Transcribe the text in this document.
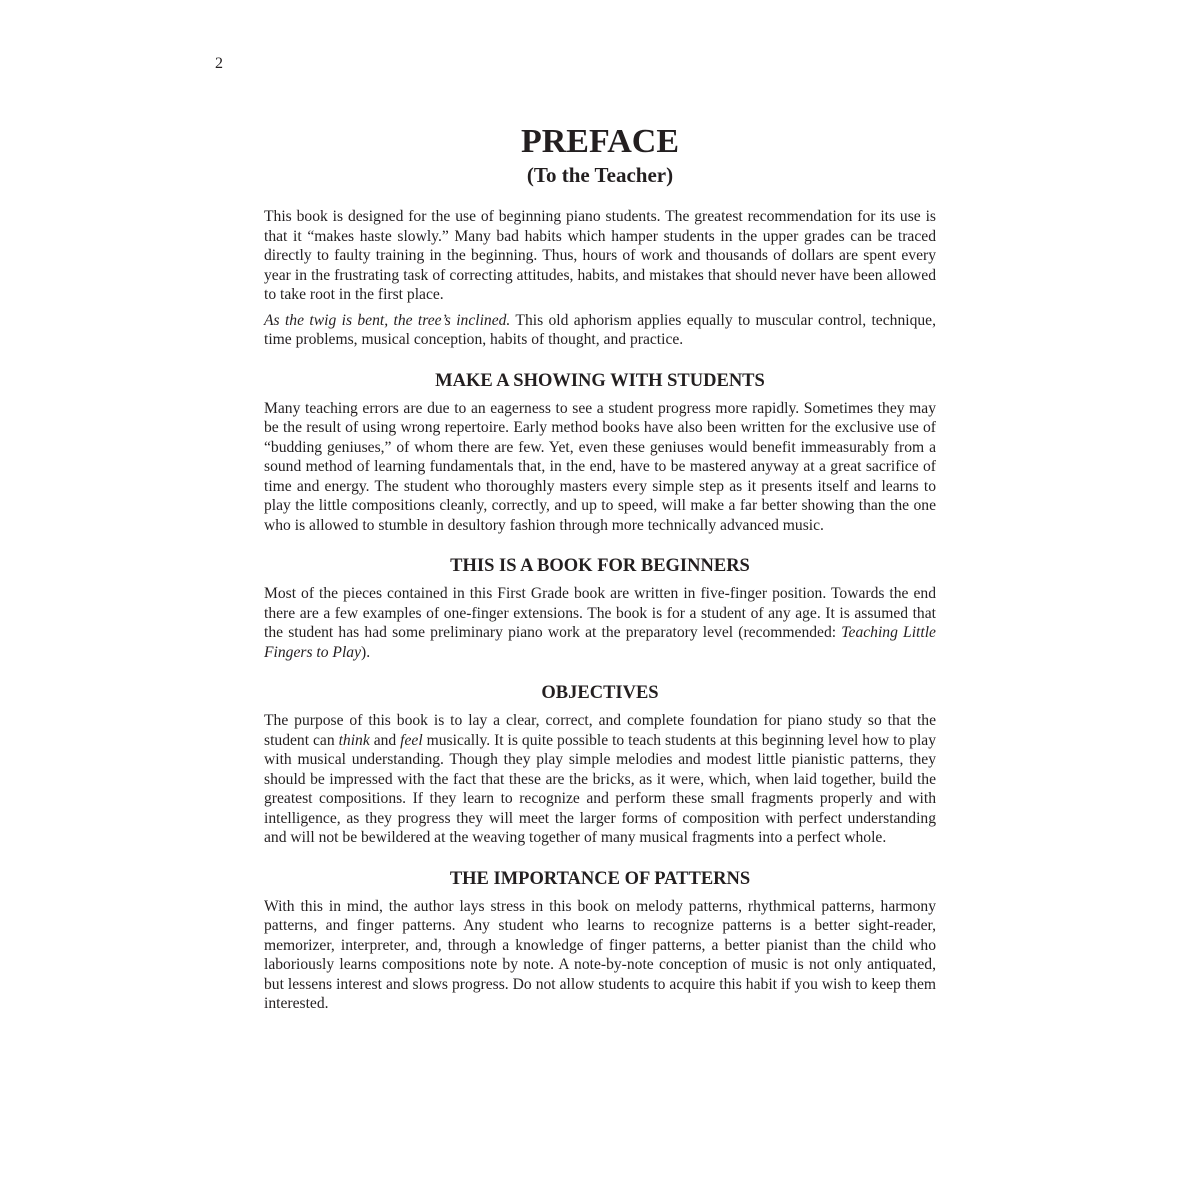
2
PREFACE
(To the Teacher)

This book is designed for the use of beginning piano students. The greatest recommendation for its use is that it “makes haste slowly.” Many bad habits which hamper students in the upper grades can be traced directly to faulty training in the beginning. Thus, hours of work and thousands of dollars are spent every year in the frustrating task of correcting attitudes, habits, and mistakes that should never have been allowed to take root in the first place.

As the twig is bent, the tree’s inclined. This old aphorism applies equally to muscular control, technique, time problems, musical conception, habits of thought, and practice.

MAKE A SHOWING WITH STUDENTS

Many teaching errors are due to an eagerness to see a student progress more rapidly. Sometimes they may be the result of using wrong repertoire. Early method books have also been written for the exclusive use of “budding geniuses,” of whom there are few. Yet, even these geniuses would benefit immeasurably from a sound method of learning fundamentals that, in the end, have to be mastered anyway at a great sacrifice of time and energy. The student who thoroughly masters every simple step as it presents itself and learns to play the little compositions cleanly, correctly, and up to speed, will make a far better showing than the one who is allowed to stumble in desultory fashion through more technically advanced music.

THIS IS A BOOK FOR BEGINNERS

Most of the pieces contained in this First Grade book are written in five-finger position. Towards the end there are a few examples of one-finger extensions. The book is for a student of any age. It is assumed that the student has had some preliminary piano work at the preparatory level (recommended: Teaching Little Fingers to Play).

OBJECTIVES

The purpose of this book is to lay a clear, correct, and complete foundation for piano study so that the student can think and feel musically. It is quite possible to teach students at this beginning level how to play with musical understanding. Though they play simple melodies and modest little pianistic patterns, they should be impressed with the fact that these are the bricks, as it were, which, when laid together, build the greatest compositions. If they learn to recognize and perform these small fragments properly and with intelligence, as they progress they will meet the larger forms of composition with perfect understanding and will not be bewildered at the weaving together of many musical fragments into a perfect whole.

THE IMPORTANCE OF PATTERNS

With this in mind, the author lays stress in this book on melody patterns, rhythmical patterns, harmony patterns, and finger patterns. Any student who learns to recognize patterns is a better sight-reader, memorizer, interpreter, and, through a knowledge of finger patterns, a better pianist than the child who laboriously learns compositions note by note. A note-by-note conception of music is not only antiquated, but lessens interest and slows progress. Do not allow students to acquire this habit if you wish to keep them interested.
